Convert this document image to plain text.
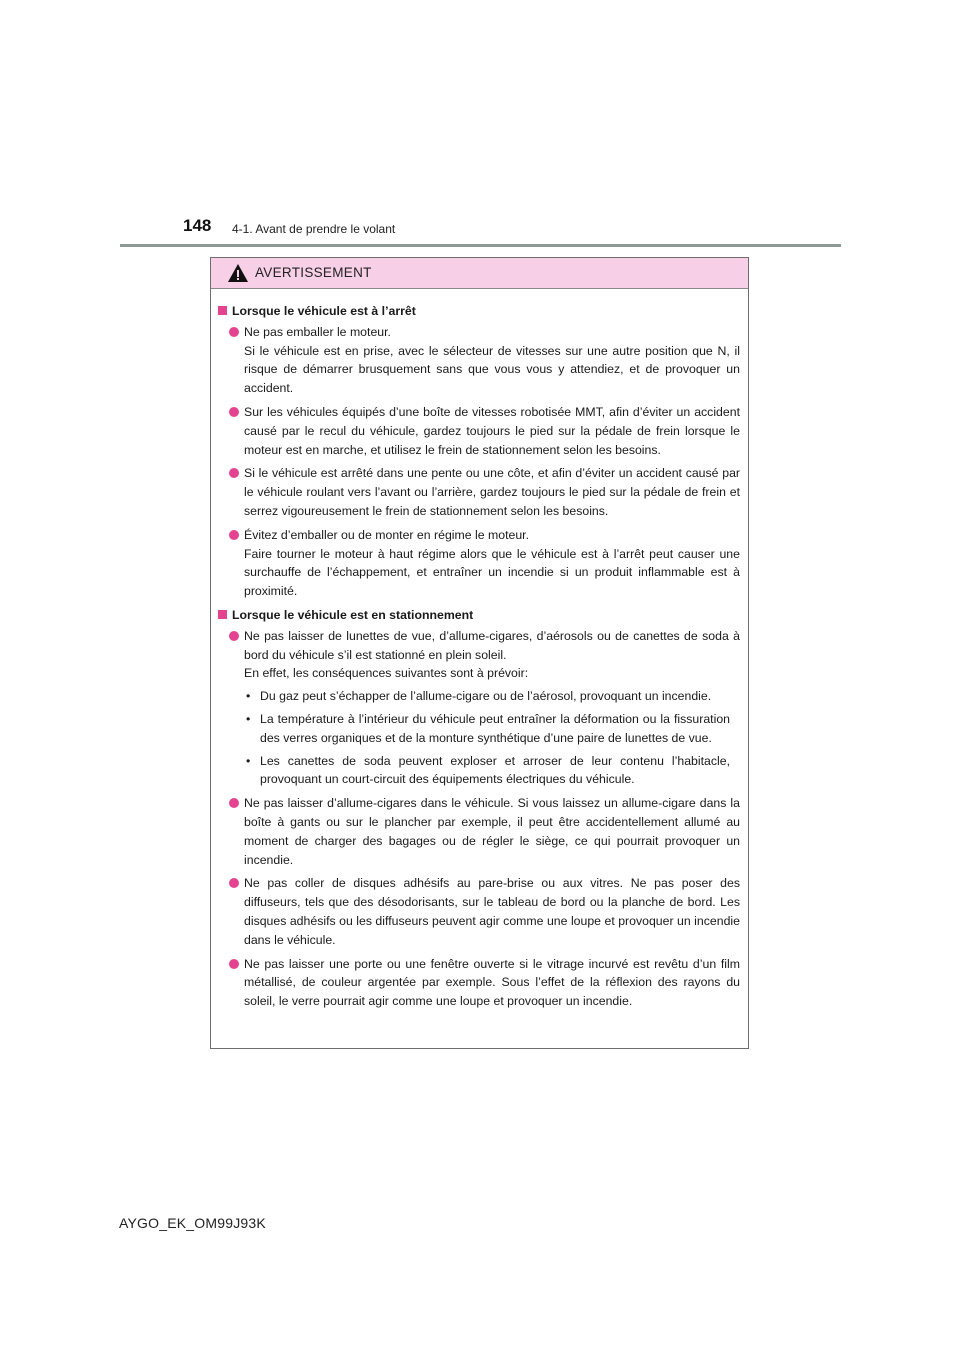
148 4-1. Avant de prendre le volant
AVERTISSEMENT
Lorsque le véhicule est à l’arrêt

Ne pas emballer le moteur.

Si le véhicule est en prise, avec le sélecteur de vitesses sur une autre position que N, il risque de démarrer brusquement sans que vous vous y attendiez, et de provoquer un accident.

Sur les véhicules équipés d’une boîte de vitesses robotisée MMT, afin d’éviter un accident causé par le recul du véhicule, gardez toujours le pied sur la pédale de frein lorsque le moteur est en marche, et utilisez le frein de stationnement selon les besoins.

Si le véhicule est arrêté dans une pente ou une côte, et afin d’éviter un accident causé par le véhicule roulant vers l’avant ou l’arrière, gardez toujours le pied sur la pédale de frein et serrez vigoureusement le frein de stationnement selon les besoins.

Évitez d’emballer ou de monter en régime le moteur.

Faire tourner le moteur à haut régime alors que le véhicule est à l’arrêt peut causer une surchauffe de l’échappement, et entraîner un incendie si un produit inflammable est à proximité.

Lorsque le véhicule est en stationnement

Ne pas laisser de lunettes de vue, d’allume-cigares, d’aérosols ou de canettes de soda à bord du véhicule s’il est stationné en plein soleil.

En effet, les conséquences suivantes sont à prévoir:

• Du gaz peut s’échapper de l’allume-cigare ou de l’aérosol, provoquant un incendie.
• La température à l’intérieur du véhicule peut entraîner la déformation ou la fissuration des verres organiques et de la monture synthétique d’une paire de lunettes de vue.
• Les canettes de soda peuvent exploser et arroser de leur contenu l’habitacle, provoquant un court-circuit des équipements électriques du véhicule.

Ne pas laisser d’allume-cigares dans le véhicule. Si vous laissez un allume-cigare dans la boîte à gants ou sur le plancher par exemple, il peut être accidentellement allumé au moment de charger des bagages ou de régler le siège, ce qui pourrait provoquer un incendie.

Ne pas coller de disques adhésifs au pare-brise ou aux vitres. Ne pas poser des diffuseurs, tels que des désodorisants, sur le tableau de bord ou la planche de bord. Les disques adhésifs ou les diffuseurs peuvent agir comme une loupe et provoquer un incendie dans le véhicule.

Ne pas laisser une porte ou une fenêtre ouverte si le vitrage incurvé est revêtu d’un film métallisé, de couleur argentée par exemple. Sous l’effet de la réflexion des rayons du soleil, le verre pourrait agir comme une loupe et provoquer un incendie.

AYGO_EK_OM99J93K
